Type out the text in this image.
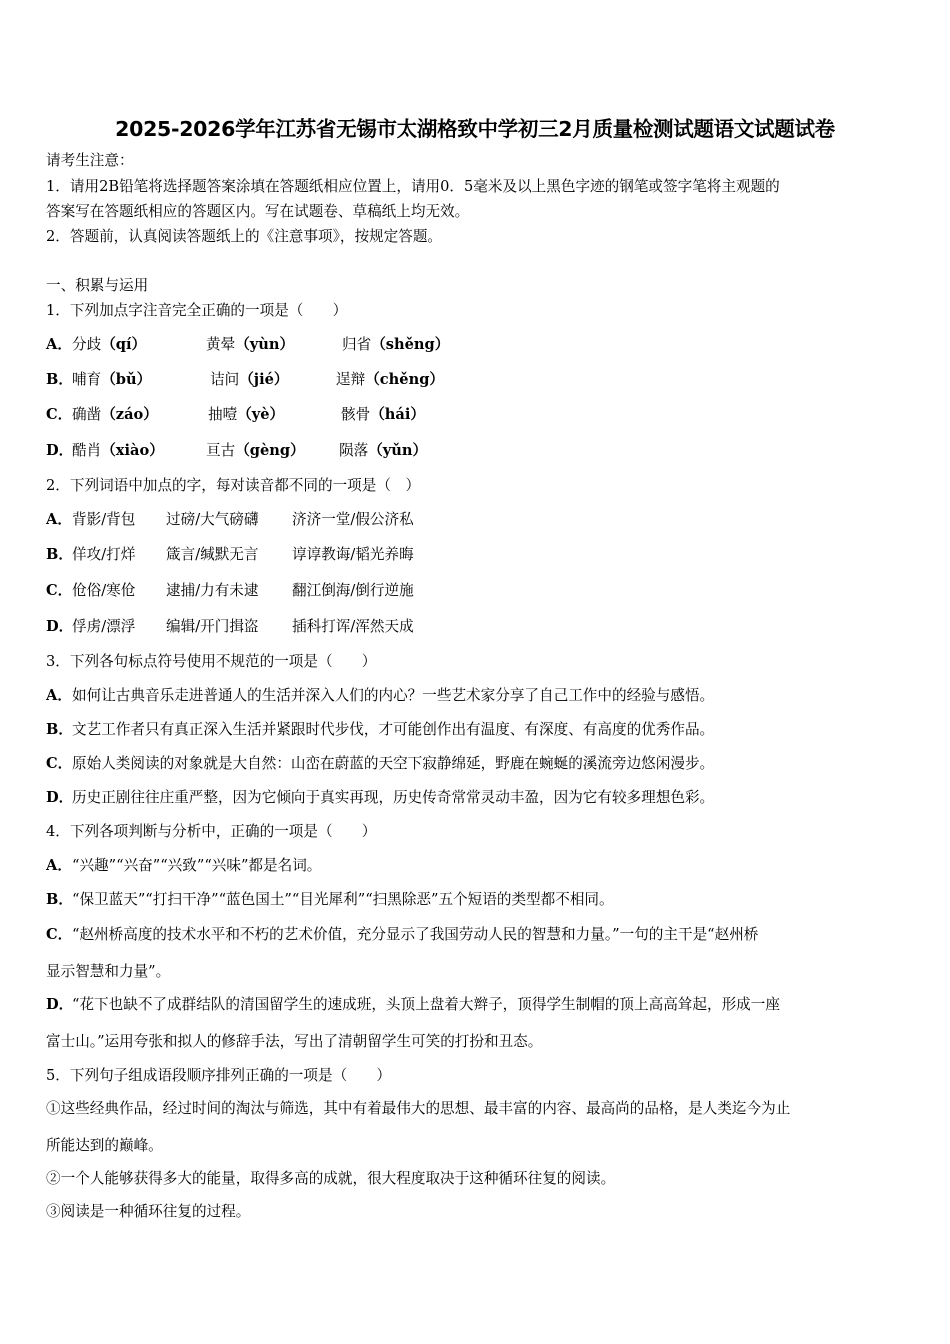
2025-2026学年江苏省无锡市太湖格致中学初三2月质量检测试题语文试题试卷
请考生注意：
1．请用2B铅笔将选择题答案涂填在答题纸相应位置上，请用0．5毫米及以上黑色字迹的钢笔或签字笔将主观题的
答案写在答题纸相应的答题区内。写在试题卷、草稿纸上均无效。
2．答题前，认真阅读答题纸上的《注意事项》，按规定答题。
一、积累与运用
1．下列加点字注音完全正确的一项是（　　）
A．分歧（qí）	黄晕（yùn）	归省（shěng）
B．哺育（bǔ）	诘问（jié）	逞辩（chěng）
C．确凿（záo）	抽噎（yè）	骸骨（hái）
D．酷肖（xiào）	亘古（gèng） 陨落（yǔn）
2．下列词语中加点的字，每对读音都不同的一项是（　）
A．背影/背包 过磅/大气磅礴 济济一堂/假公济私
B．佯攻/打烊 箴言/缄默无言 谆谆教诲/韬光养晦
C．伧俗/寒伧 逮捕/力有未逮 翻江倒海/倒行逆施
D．俘虏/漂浮 编辑/开门揖盗 插科打诨/浑然天成
3．下列各句标点符号使用不规范的一项是（　　）
A．如何让古典音乐走进普通人的生活并深入人们的内心？一些艺术家分享了自己工作中的经验与感悟。
B．文艺工作者只有真正深入生活并紧跟时代步伐，才可能创作出有温度、有深度、有高度的优秀作品。
C．原始人类阅读的对象就是大自然：山峦在蔚蓝的天空下寂静绵延，野鹿在蜿蜒的溪流旁边悠闲漫步。
D．历史正剧往往庄重严整，因为它倾向于真实再现，历史传奇常常灵动丰盈，因为它有较多理想色彩。
4．下列各项判断与分析中，正确的一项是（　　）
A．“兴趣”“兴奋”“兴致”“兴味”都是名词。
B．“保卫蓝天”“打扫干净”“蓝色国土”“目光犀利”“扫黑除恶”五个短语的类型都不相同。
C．“赵州桥高度的技术水平和不朽的艺术价值，充分显示了我国劳动人民的智慧和力量。”一句的主干是“赵州桥
显示智慧和力量”。
D．“花下也缺不了成群结队的清国留学生的速成班，头顶上盘着大辫子，顶得学生制帽的顶上高高耸起，形成一座
富士山。”运用夸张和拟人的修辞手法，写出了清朝留学生可笑的打扮和丑态。
5．下列句子组成语段顺序排列正确的一项是（　　）
①这些经典作品，经过时间的淘汰与筛选，其中有着最伟大的思想、最丰富的内容、最高尚的品格，是人类迄今为止
所能达到的巅峰。
②一个人能够获得多大的能量，取得多高的成就，很大程度取决于这种循环往复的阅读。
③阅读是一种循环往复的过程。
